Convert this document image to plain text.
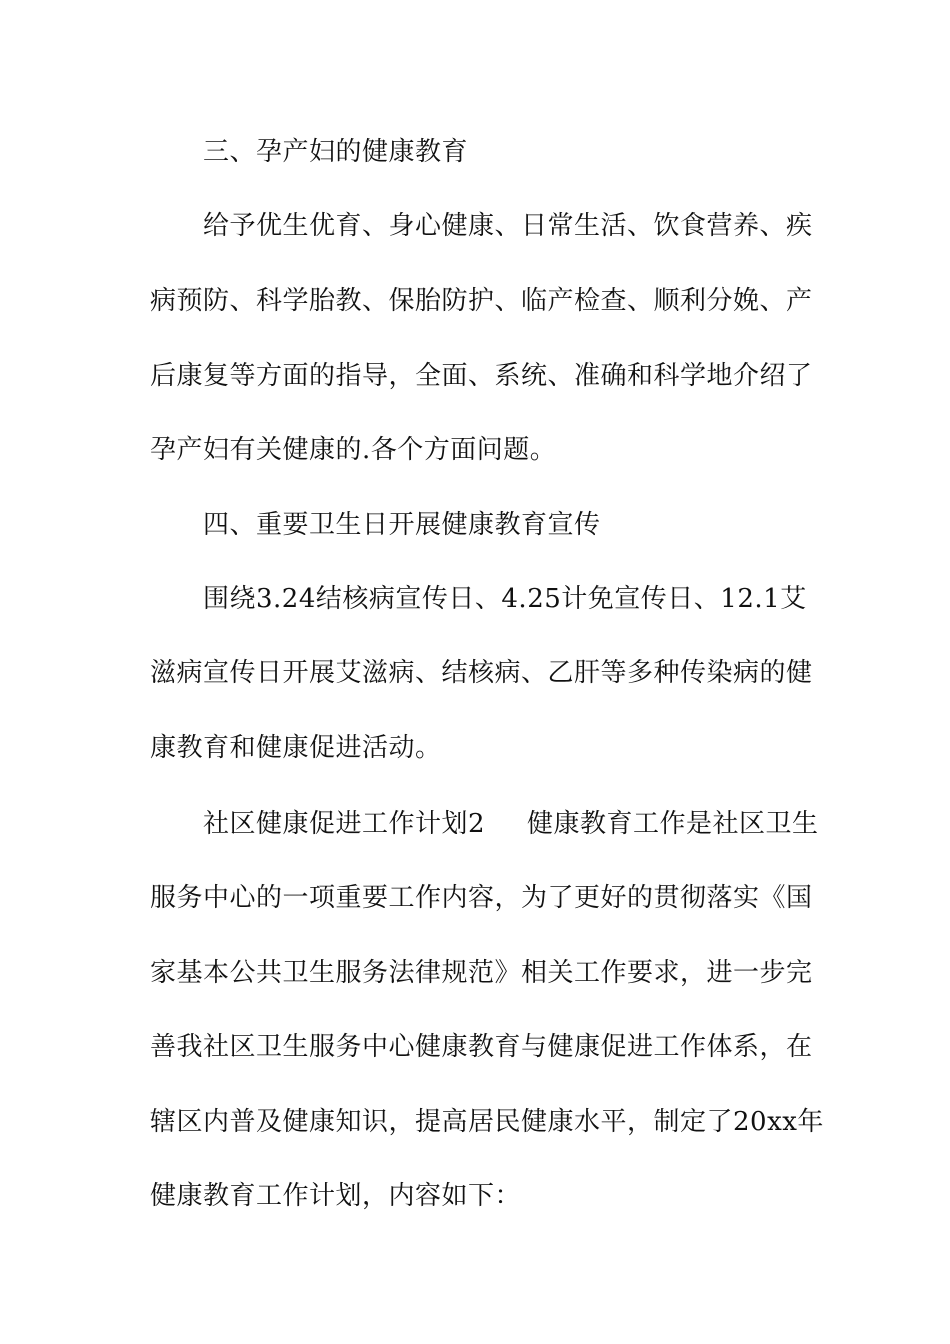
三、孕产妇的健康教育
给予优生优育、身心健康、日常生活、饮食营养、疾
病预防、科学胎教、保胎防护、临产检查、顺利分娩、产
后康复等方面的指导，全面、系统、准确和科学地介绍了
孕产妇有关健康的.各个方面问题。
四、重要卫生日开展健康教育宣传
围绕3.24结核病宣传日、4.25计免宣传日、12.1艾
滋病宣传日开展艾滋病、结核病、乙肝等多种传染病的健
康教育和健康促进活动。
社区健康促进工作计划2 健康教育工作是社区卫生
服务中心的一项重要工作内容，为了更好的贯彻落实《国
家基本公共卫生服务法律规范》相关工作要求，进一步完
善我社区卫生服务中心健康教育与健康促进工作体系，在
辖区内普及健康知识，提高居民健康水平，制定了20xx年
健康教育工作计划，内容如下：
